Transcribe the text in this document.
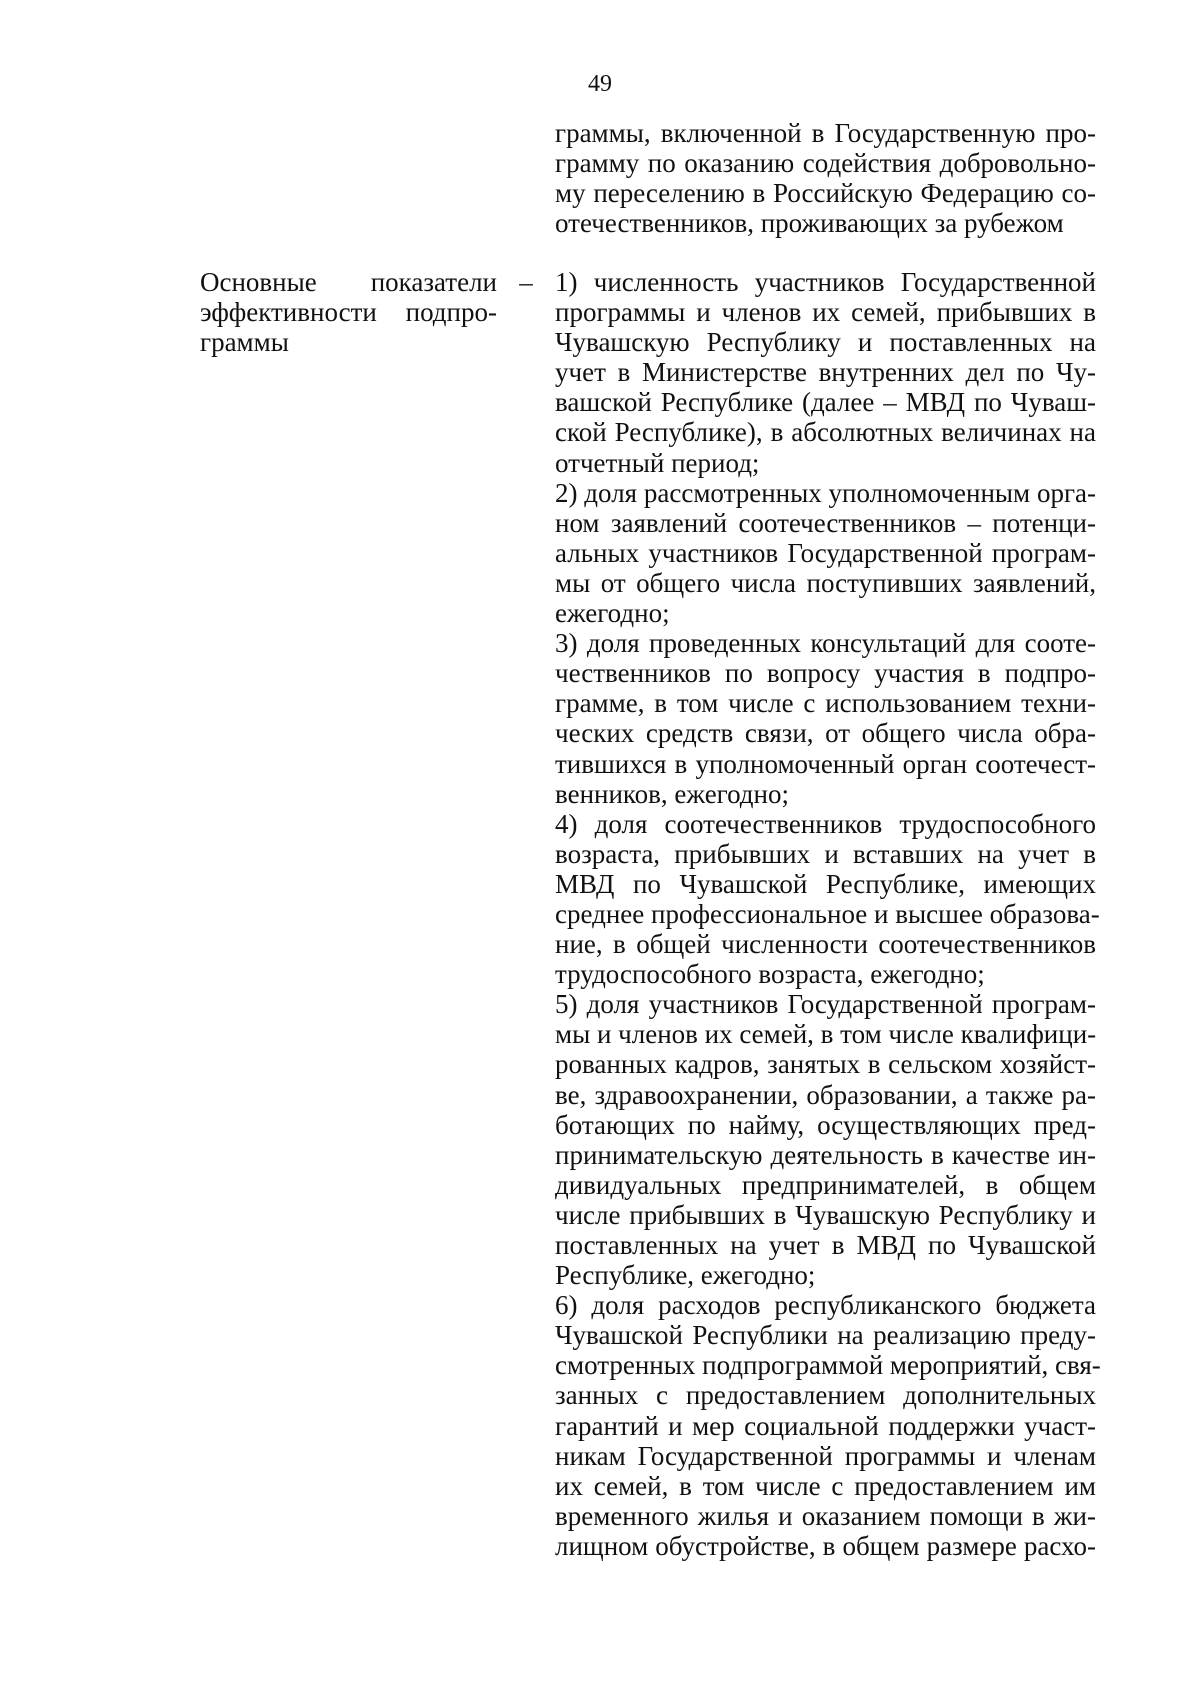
49
граммы, включенной в Государственную про-
грамму по оказанию содействия добровольно-
му переселению в Российскую Федерацию со-
отечественников, проживающих за рубежом
Основные показатели
эффективности подпро-
граммы
– 1) численность участников Государственной
программы и членов их семей, прибывших в
Чувашскую Республику и поставленных на
учет в Министерстве внутренних дел по Чу-
вашской Республике (далее – МВД по Чуваш-
ской Республике), в абсолютных величинах на
отчетный период;
2) доля рассмотренных уполномоченным орга-
ном заявлений соотечественников – потенци-
альных участников Государственной програм-
мы от общего числа поступивших заявлений,
ежегодно;
3) доля проведенных консультаций для соотe-
чественников по вопросу участия в подпро-
грамме, в том числе с использованием техни-
ческих средств связи, от общего числа обра-
тившихся в уполномоченный орган соотечест-
венников, ежегодно;
4) доля соотечественников трудоспособного
возраста, прибывших и вставших на учет в
МВД по Чувашской Республике, имеющих
среднее профессиональное и высшее образова-
ние, в общей численности соотечественников
трудоспособного возраста, ежегодно;
5) доля участников Государственной програм-
мы и членов их семей, в том числе квалифици-
рованных кадров, занятых в сельском хозяйст-
ве, здравоохранении, образовании, а также ра-
ботающих по найму, осуществляющих пред-
принимательскую деятельность в качестве ин-
дивидуальных предпринимателей, в общем
числе прибывших в Чувашскую Республику и
поставленных на учет в МВД по Чувашской
Республике, ежегодно;
6) доля расходов республиканского бюджета
Чувашской Республики на реализацию преду-
смотренных подпрограммой мероприятий, свя-
занных с предоставлением дополнительных
гарантий и мер социальной поддержки участ-
никам Государственной программы и членам
их семей, в том числе с предоставлением им
временного жилья и оказанием помощи в жи-
лищном обустройстве, в общем размере расхо-
